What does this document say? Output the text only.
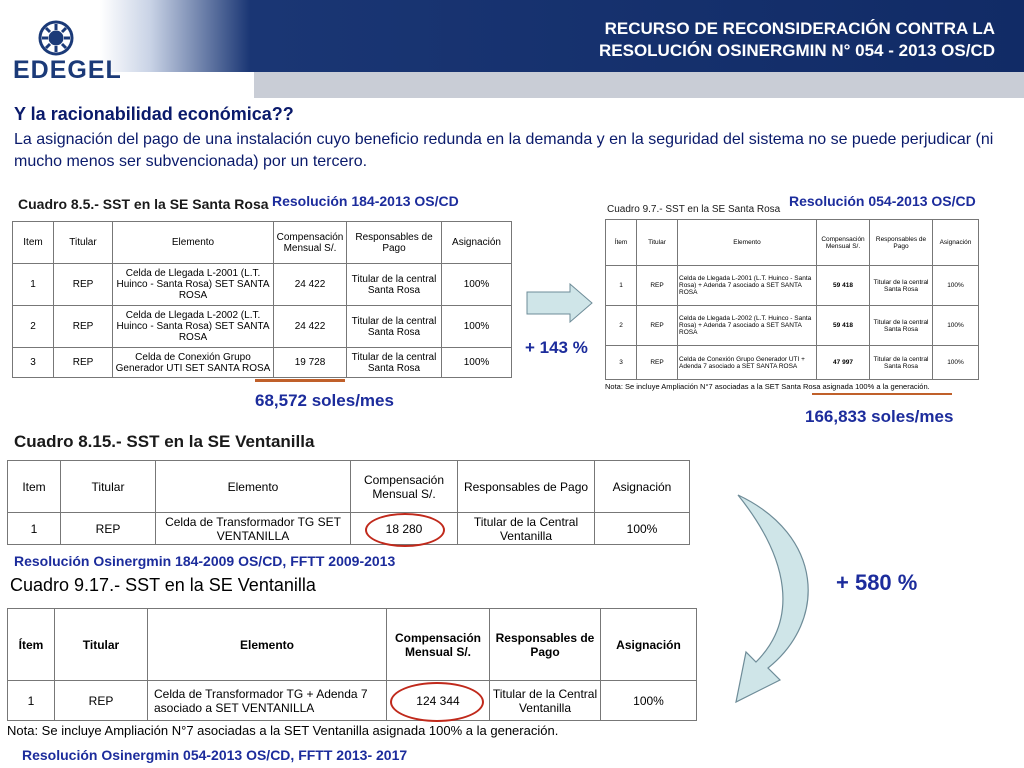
EDEGEL
RECURSO DE RECONSIDERACIÓN CONTRA LA
RESOLUCIÓN OSINERGMIN N° 054 - 2013 OS/CD
Y la racionabilidad económica??
La asignación del pago de una instalación cuyo beneficio redunda en la demanda y en la seguridad del sistema no se puede perjudicar (ni mucho menos ser subvencionada) por un tercero.
Cuadro 8.5.- SST en la SE Santa Rosa Resolución 184-2013 OS/CD
Item	Titular	Elemento	Compensación Mensual S/.	Responsables de Pago	Asignación
1	REP	Celda de Llegada L-2001 (L.T. Huinco - Santa Rosa) SET SANTA ROSA	24 422	Titular de la central Santa Rosa	100%
2	REP	Celda de Llegada L-2002 (L.T. Huinco - Santa Rosa) SET SANTA ROSA	24 422	Titular de la central Santa Rosa	100%
3	REP	Celda de Conexión Grupo Generador UTI SET SANTA ROSA	19 728	Titular de la central Santa Rosa	100%
68,572 soles/mes
+ 143 %
Resolución 054-2013 OS/CD
Cuadro 9.7.- SST en la SE Santa Rosa
Ítem	Titular	Elemento	Compensación Mensual S/.	Responsables de Pago	Asignación
1	REP	Celda de Llegada L-2001 (L.T. Huinco - Santa Rosa) + Adenda 7 asociado a SET SANTA ROSA	59 418	Titular de la central Santa Rosa	100%
2	REP	Celda de Llegada L-2002 (L.T. Huinco - Santa Rosa) + Adenda 7 asociado a SET SANTA ROSA	59 418	Titular de la central Santa Rosa	100%
3	REP	Celda de Conexión Grupo Generador UTI + Adenda 7 asociado a SET SANTA ROSA	47 997	Titular de la central Santa Rosa	100%
Nota: Se incluye Ampliación N°7 asociadas a la SET Santa Rosa asignada 100% a la generación.
166,833 soles/mes
Cuadro 8.15.- SST en la SE Ventanilla
Item	Titular	Elemento	Compensación Mensual S/.	Responsables de Pago	Asignación
1	REP	Celda de Transformador TG SET VENTANILLA	18 280	Titular de la Central Ventanilla	100%
Resolución Osinergmin 184-2009 OS/CD, FFTT 2009-2013
Cuadro 9.17.- SST en la SE Ventanilla
Ítem	Titular	Elemento	Compensación Mensual S/.	Responsables de Pago	Asignación
1	REP	Celda de Transformador TG + Adenda 7 asociado a SET VENTANILLA	124 344	Titular de la Central Ventanilla	100%
Nota: Se incluye Ampliación N°7 asociadas a la SET Ventanilla asignada 100% a la generación.
Resolución Osinergmin 054-2013 OS/CD, FFTT 2013- 2017
+ 580 %
